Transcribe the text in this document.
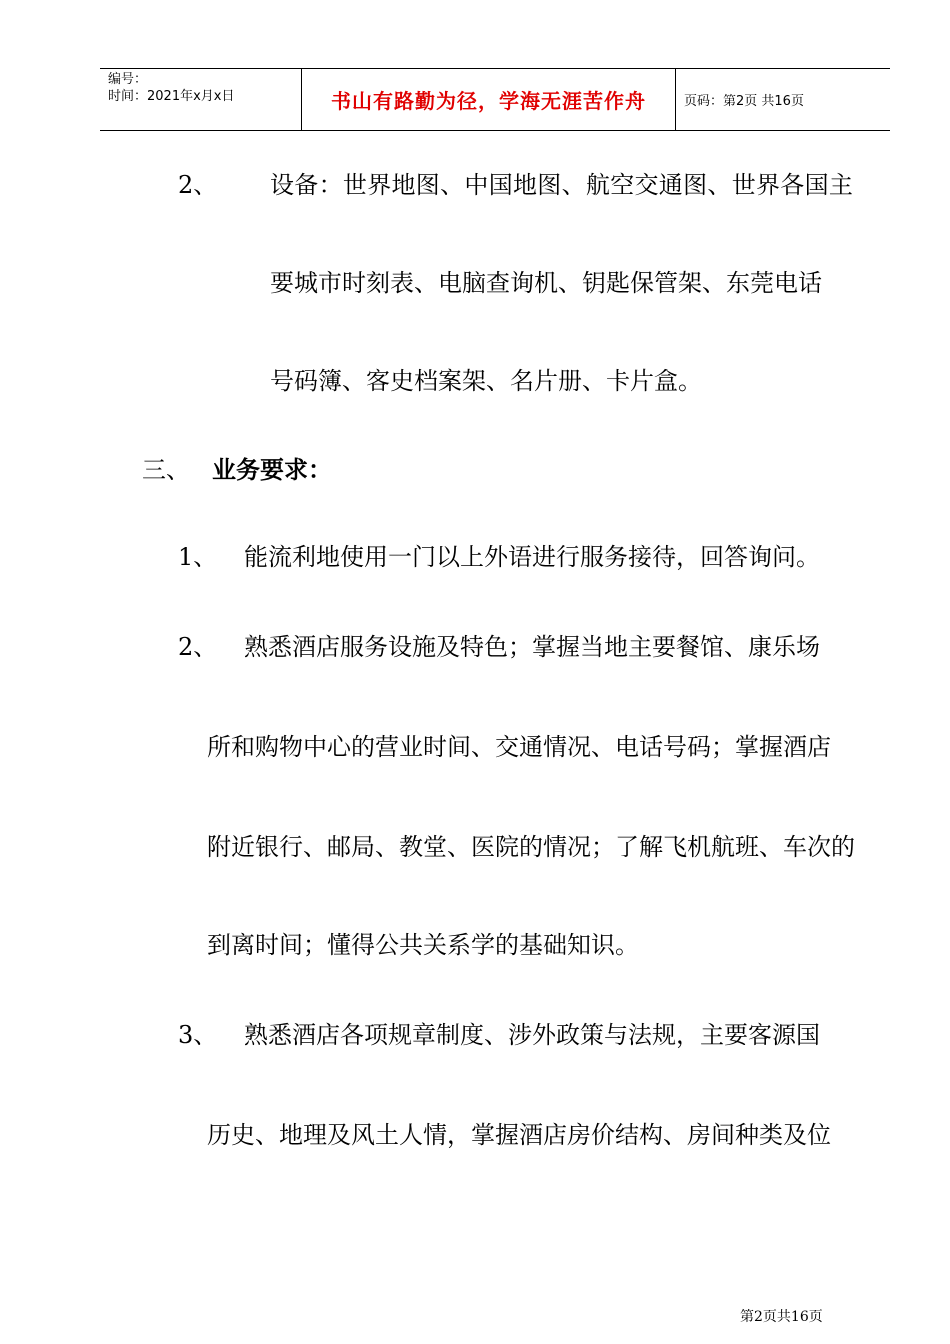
编号：
时间：2021年x月x日	书山有路勤为径，学海无涯苦作舟	页码：第2页 共16页
2、 设备：世界地图、中国地图、航空交通图、世界各国主
要城市时刻表、电脑查询机、钥匙保管架、东莞电话
号码簿、客史档案架、名片册、卡片盒。
三、 业务要求：
1、 能流利地使用一门以上外语进行服务接待，回答询问。
2、 熟悉酒店服务设施及特色；掌握当地主要餐馆、康乐场
所和购物中心的营业时间、交通情况、电话号码；掌握酒店
附近银行、邮局、教堂、医院的情况；了解飞机航班、车次的
到离时间；懂得公共关系学的基础知识。
3、 熟悉酒店各项规章制度、涉外政策与法规，主要客源国
历史、地理及风土人情，掌握酒店房价结构、房间种类及位
第2页共16页
